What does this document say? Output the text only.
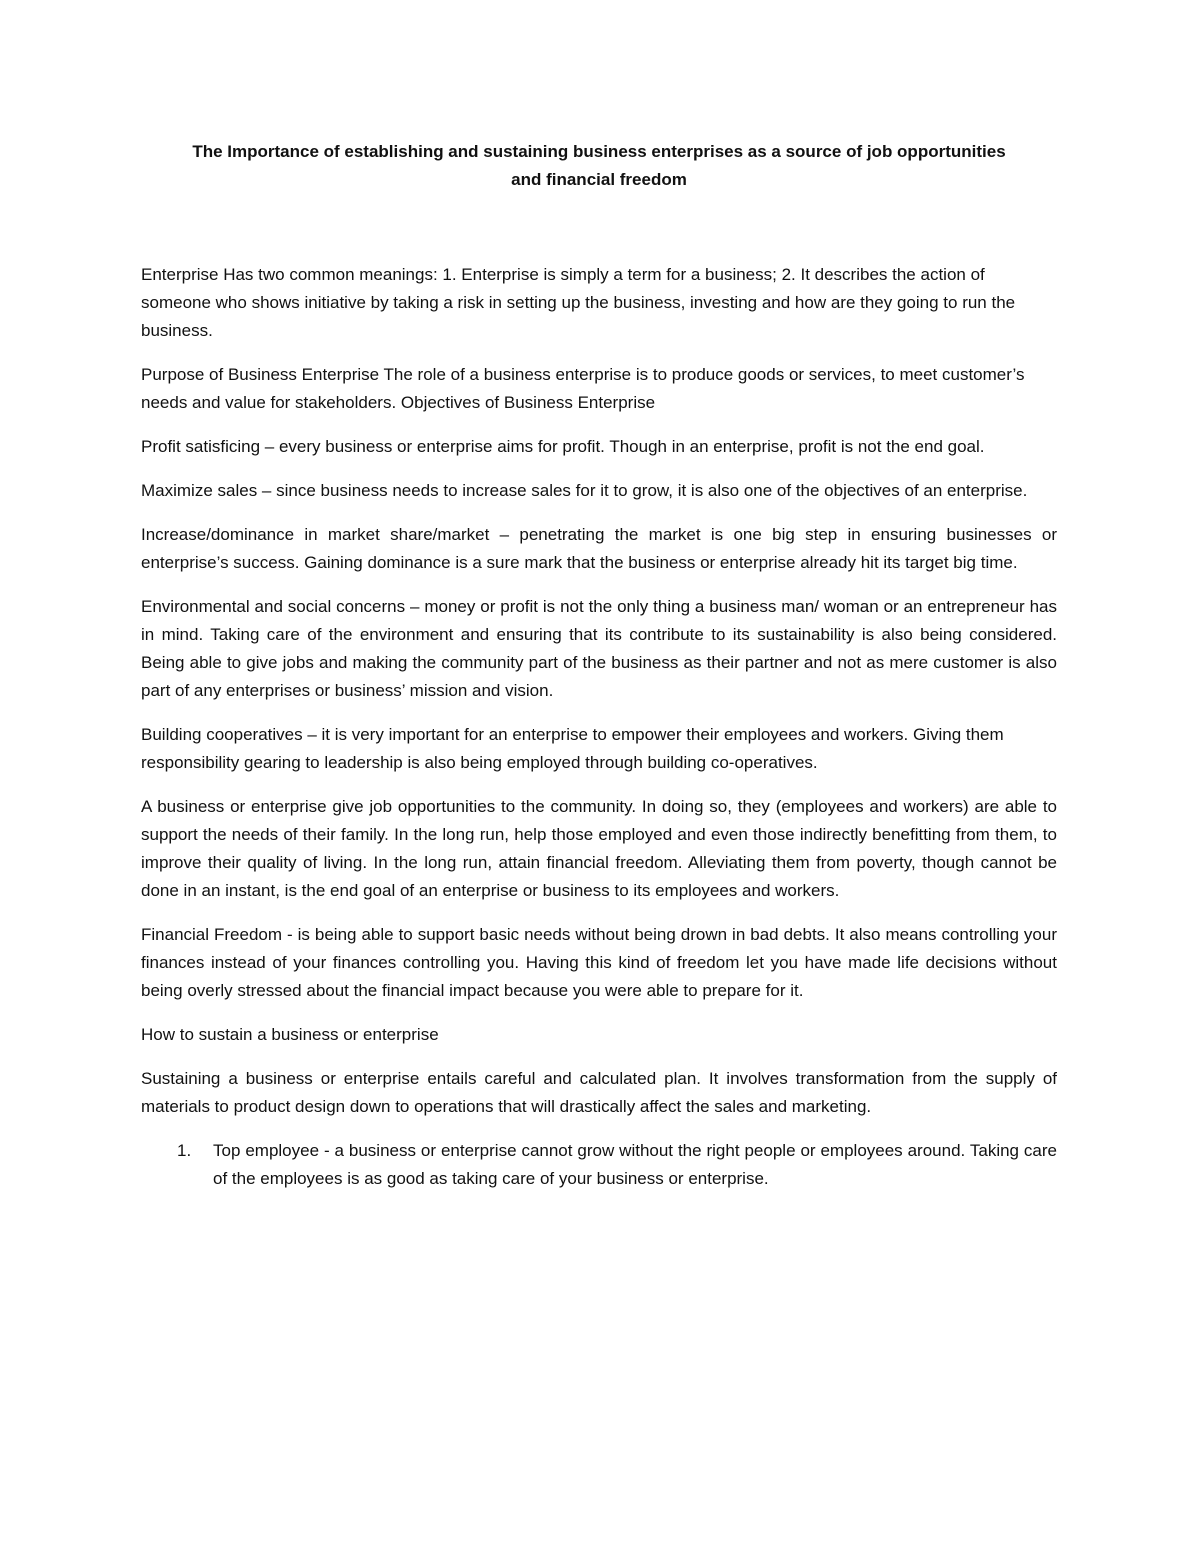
The Importance of establishing and sustaining business enterprises as a source of job opportunities
and financial freedom

Enterprise Has two common meanings: 1. Enterprise is simply a term for a business; 2. It describes the action of someone who shows initiative by taking a risk in setting up the business, investing and how are they going to run the business.

Purpose of Business Enterprise The role of a business enterprise is to produce goods or services, to meet customer’s needs and value for stakeholders. Objectives of Business Enterprise

Profit satisficing – every business or enterprise aims for profit. Though in an enterprise, profit is not the end goal.

Maximize sales – since business needs to increase sales for it to grow, it is also one of the objectives of an enterprise.

Increase/dominance in market share/market – penetrating the market is one big step in ensuring businesses or enterprise’s success. Gaining dominance is a sure mark that the business or enterprise already hit its target big time.

Environmental and social concerns – money or profit is not the only thing a business man/ woman or an entrepreneur has in mind. Taking care of the environment and ensuring that its contribute to its sustainability is also being considered. Being able to give jobs and making the community part of the business as their partner and not as mere customer is also part of any enterprises or business’ mission and vision.

Building cooperatives – it is very important for an enterprise to empower their employees and workers. Giving them responsibility gearing to leadership is also being employed through building co-operatives.

A business or enterprise give job opportunities to the community. In doing so, they (employees and workers) are able to support the needs of their family. In the long run, help those employed and even those indirectly benefitting from them, to improve their quality of living. In the long run, attain financial freedom. Alleviating them from poverty, though cannot be done in an instant, is the end goal of an enterprise or business to its employees and workers.

Financial Freedom - is being able to support basic needs without being drown in bad debts. It also means controlling your finances instead of your finances controlling you. Having this kind of freedom let you have made life decisions without being overly stressed about the financial impact because you were able to prepare for it.

How to sustain a business or enterprise

Sustaining a business or enterprise entails careful and calculated plan. It involves transformation from the supply of materials to product design down to operations that will drastically affect the sales and marketing.

1. Top employee - a business or enterprise cannot grow without the right people or employees around. Taking care of the employees is as good as taking care of your business or enterprise.
